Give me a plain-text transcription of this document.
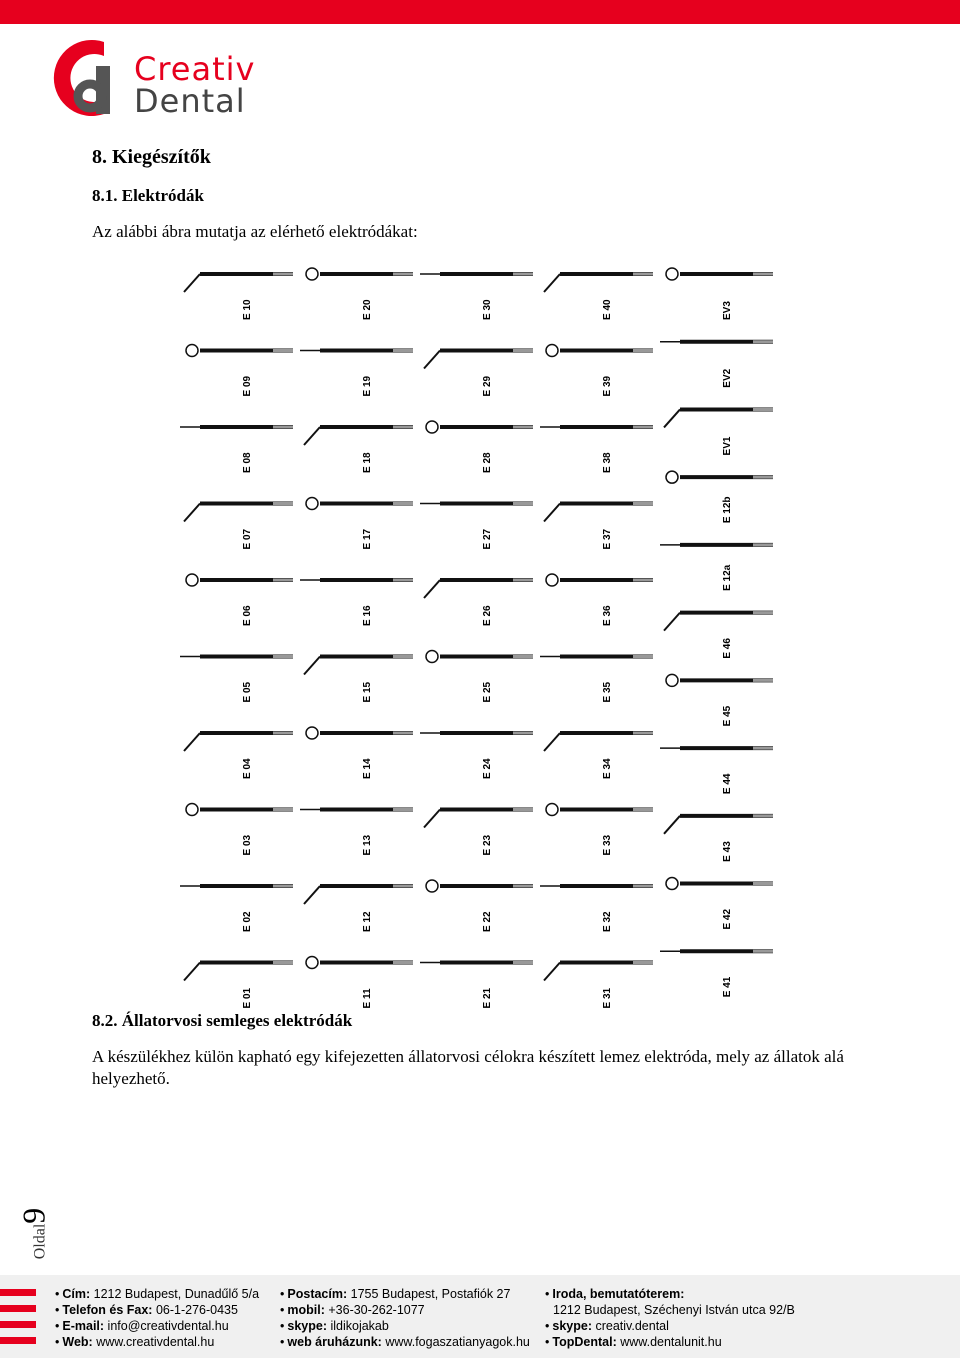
Creativ
Dental
8. Kiegészítők
8.1. Elektródák
Az alábbi ábra mutatja az elérhető elektródákat:
E 10
E 09
E 08
E 07
E 06
E 05
E 04
E 03
E 02
E 01
E 20
E 19
E 18
E 17
E 16
E 15
E 14
E 13
E 12
E 11
E 30
E 29
E 28
E 27
E 26
E 25
E 24
E 23
E 22
E 21
E 40
E 39
E 38
E 37
E 36
E 35
E 34
E 33
E 32
E 31
EV3
EV2
EV1
E 12b
E 12a
E 46
E 45
E 44
E 43
E 42
E 41
8.2. Állatorvosi semleges elektródák
A készülékhez külön kapható egy kifejezetten állatorvosi célokra készített lemez elektróda, mely az állatok alá helyezhető.
Oldal9
• Cím: 1212 Budapest, Dunadűlő 5/a
• Telefon és Fax: 06-1-276-0435
• E-mail: info@creativdental.hu
• Web: www.creativdental.hu
• Postacím: 1755 Budapest, Postafiók 27
• mobil: +36-30-262-1077
• skype: ildikojakab
• web áruházunk: www.fogaszatianyagok.hu
• Iroda, bemutatóterem:
1212 Budapest, Széchenyi István utca 92/B
• skype: creativ.dental
• TopDental: www.dentalunit.hu
